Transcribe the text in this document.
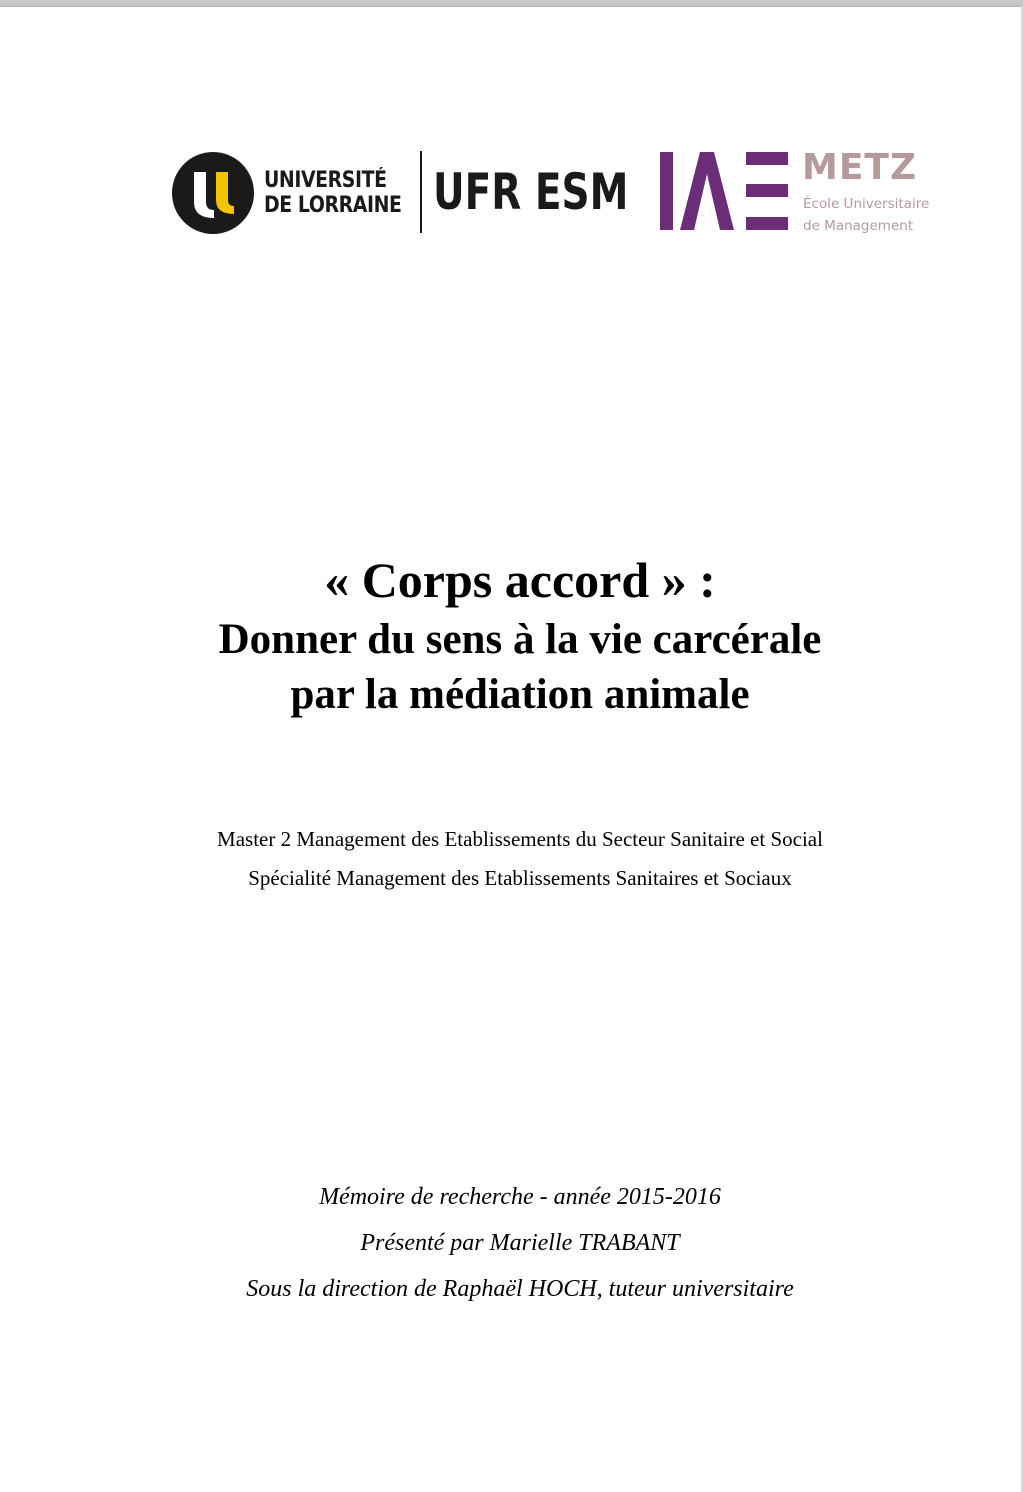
UNIVERSITÉ
DE LORRAINE UFR ESM	METZ
École Universitaire
de Management

« Corps accord » :

Donner du sens à la vie carcérale

par la médiation animale

Master 2 Management des Etablissements du Secteur Sanitaire et Social
Spécialité Management des Etablissements Sanitaires et Sociaux
Mémoire de recherche - année 2015-2016
Présenté par Marielle TRABANT
Sous la direction de Raphaël HOCH, tuteur universitaire
